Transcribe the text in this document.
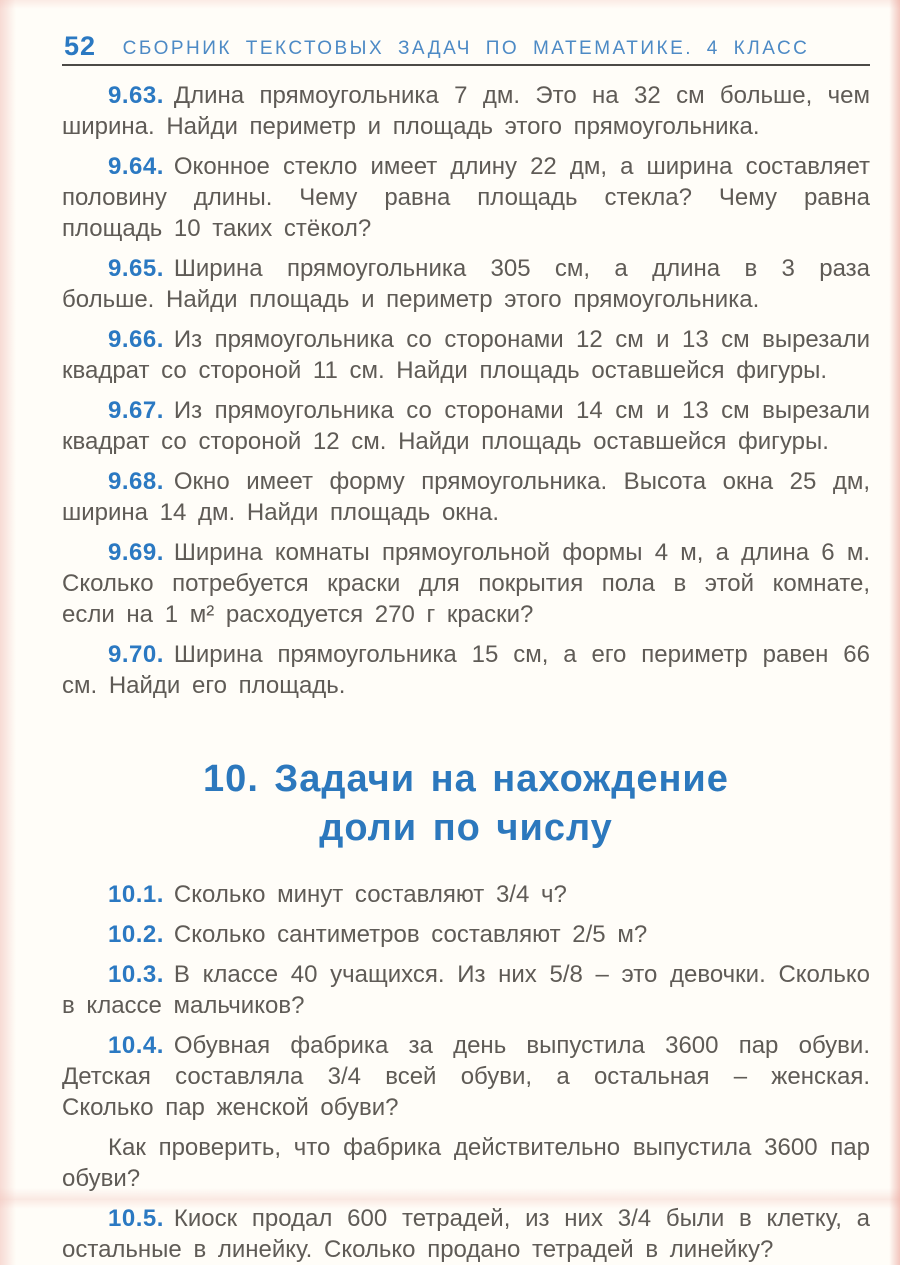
52	СБОРНИК ТЕКСТОВЫХ ЗАДАЧ ПО МАТЕМАТИКЕ. 4 КЛАСС

9.63. Длина прямоугольника 7 дм. Это на 32 см больше, чем ширина. Найди периметр и площадь этого прямоугольника.

9.64. Оконное стекло имеет длину 22 дм, а ширина составляет половину длины. Чему равна площадь стекла? Чему равна площадь 10 таких стёкол?

9.65. Ширина прямоугольника 305 см, а длина в 3 раза больше. Найди площадь и периметр этого прямоугольника.

9.66. Из прямоугольника со сторонами 12 см и 13 см вырезали квадрат со стороной 11 см. Найди площадь оставшейся фигуры.

9.67. Из прямоугольника со сторонами 14 см и 13 см вырезали квадрат со стороной 12 см. Найди площадь оставшейся фигуры.

9.68. Окно имеет форму прямоугольника. Высота окна 25 дм, ширина 14 дм. Найди площадь окна.

9.69. Ширина комнаты прямоугольной формы 4 м, а длина 6 м. Сколько потребуется краски для покрытия пола в этой комнате, если на 1 м² расходуется 270 г краски?

9.70. Ширина прямоугольника 15 см, а его периметр равен 66 см. Найди его площадь.

10. Задачи на нахождение
доли по числу

10.1. Сколько минут составляют 3/4 ч?

10.2. Сколько сантиметров составляют 2/5 м?

10.3. В классе 40 учащихся. Из них 5/8 – это девочки. Сколько в классе мальчиков?

10.4. Обувная фабрика за день выпустила 3600 пар обуви. Детская составляла 3/4 всей обуви, а остальная – женская. Сколько пар женской обуви?

Как проверить, что фабрика действительно выпустила 3600 пар обуви?

10.5. Киоск продал 600 тетрадей, из них 3/4 были в клетку, а остальные в линейку. Сколько продано тетрадей в линейку?
